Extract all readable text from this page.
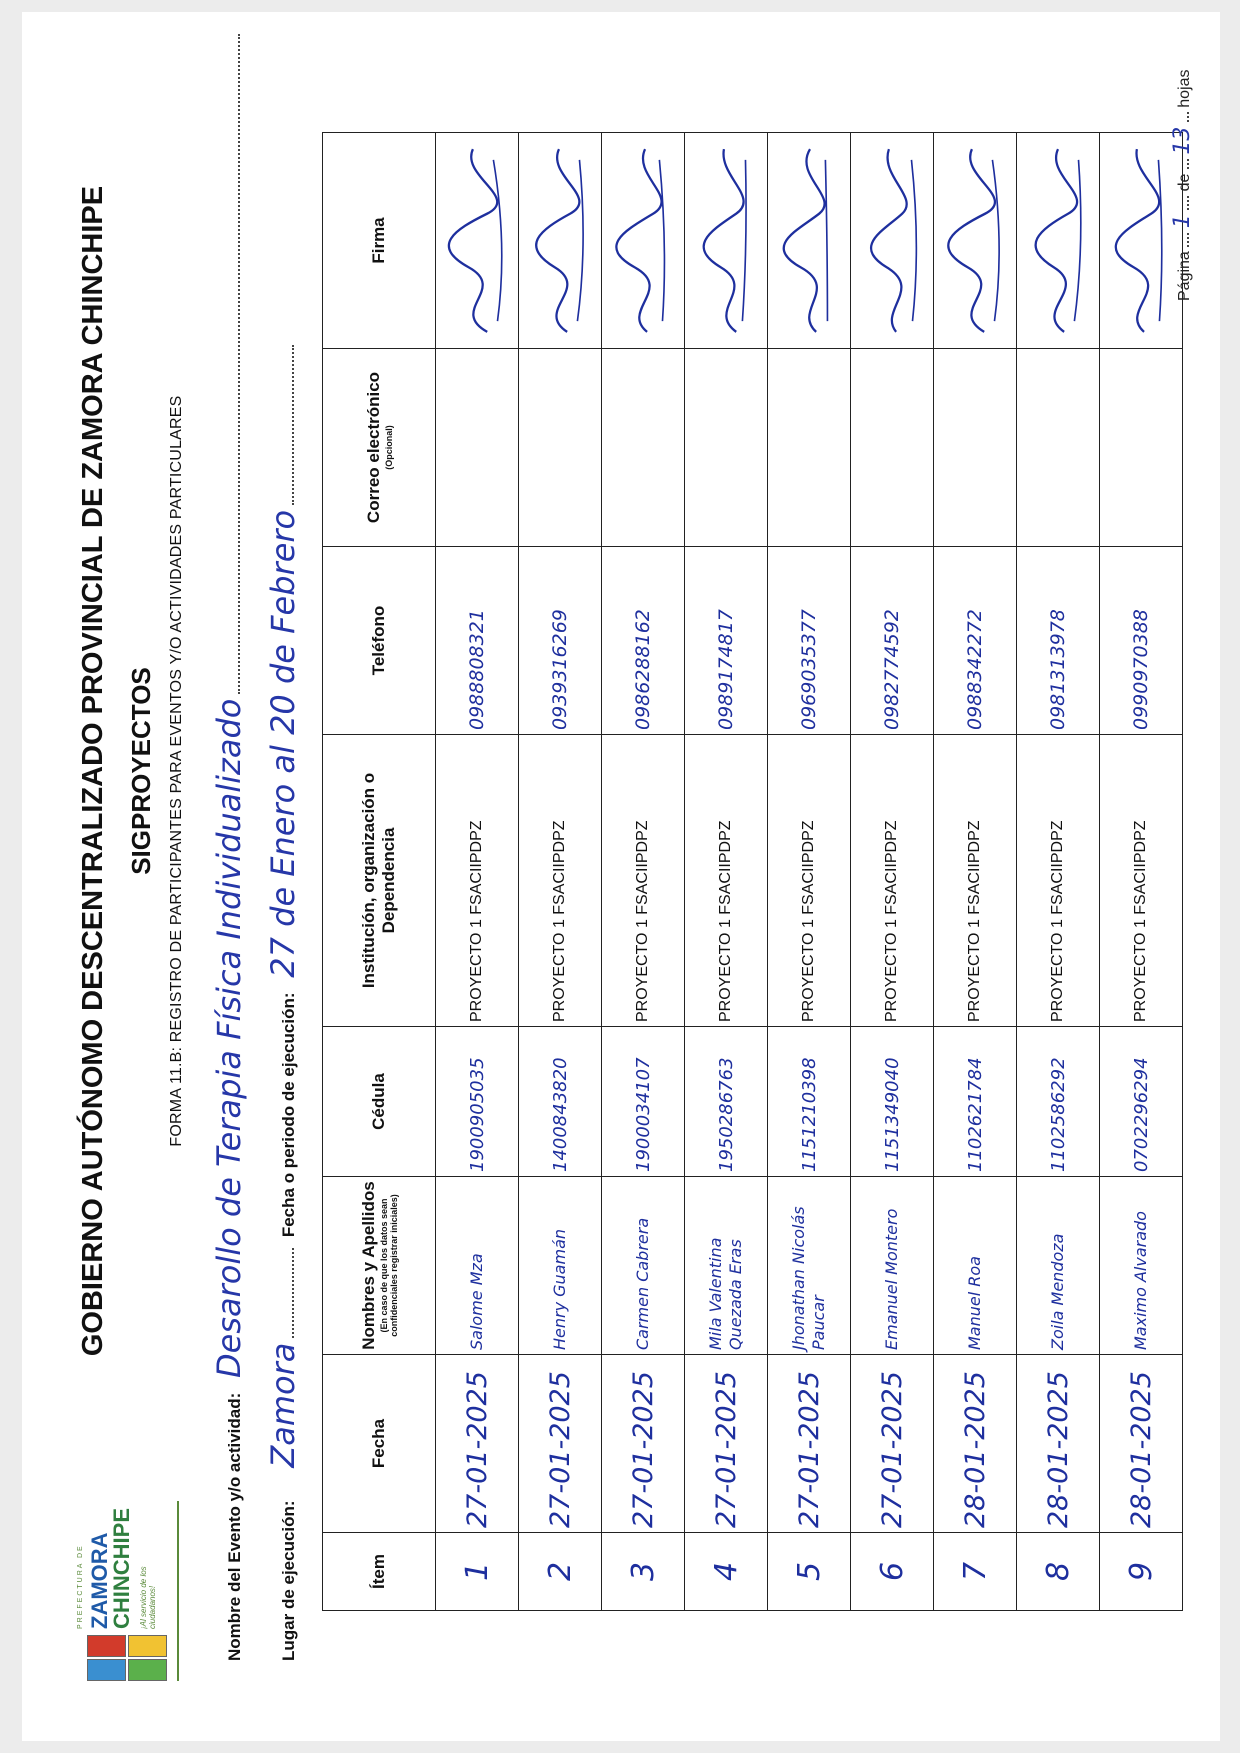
PREFECTURA DE ZAMORA
CHINCHIPE ¡Al servicio de los ciudadanos!
GOBIERNO AUTÓNOMO DESCENTRALIZADO PROVINCIAL DE ZAMORA CHINCHIPE SIGPROYECTOS FORMA 11.B: REGISTRO DE PARTICIPANTES PARA EVENTOS Y/O ACTIVIDADES PARTICULARES
Nombre del Evento y/o actividad: Desarollo de Terapia Física Individualizado
Lugar de ejecución: Zamora  Fecha o periodo de ejecución: 27 de Enero al 20 de Febrero
Ítem	Fecha	Nombres y Apellidos (En caso de que los datos sean confidenciales registrar iniciales)	Cédula	Institución, organización o Dependencia	Teléfono	Correo electrónico (Opcional)	Firma
1	27-01-2025	Salome Mza	1900905035	PROYECTO 1 FSACIIPDPZ	0988808321		

2	27-01-2025	Henry Guamán	1400843820	PROYECTO 1 FSACIIPDPZ	0939316269		

3	27-01-2025	Carmen Cabrera	1900034107	PROYECTO 1 FSACIIPDPZ	0986288162		

4	27-01-2025	Mila Valentina Quezada Eras	1950286763	PROYECTO 1 FSACIIPDPZ	0989174817		

5	27-01-2025	Jhonathan Nicolás Paucar	1151210398	PROYECTO 1 FSACIIPDPZ	0969035377		

6	27-01-2025	Emanuel Montero	1151349040	PROYECTO 1 FSACIIPDPZ	0982774592		

7	28-01-2025	Manuel Roa	1102621784	PROYECTO 1 FSACIIPDPZ	0988342272		

8	28-01-2025	Zoila Mendoza	1102586292	PROYECTO 1 FSACIIPDPZ	0981313978		

9	28-01-2025	Maximo Alvarado	0702296294	PROYECTO 1 FSACIIPDPZ	0990970388		
Página  1  de  13  hojas
